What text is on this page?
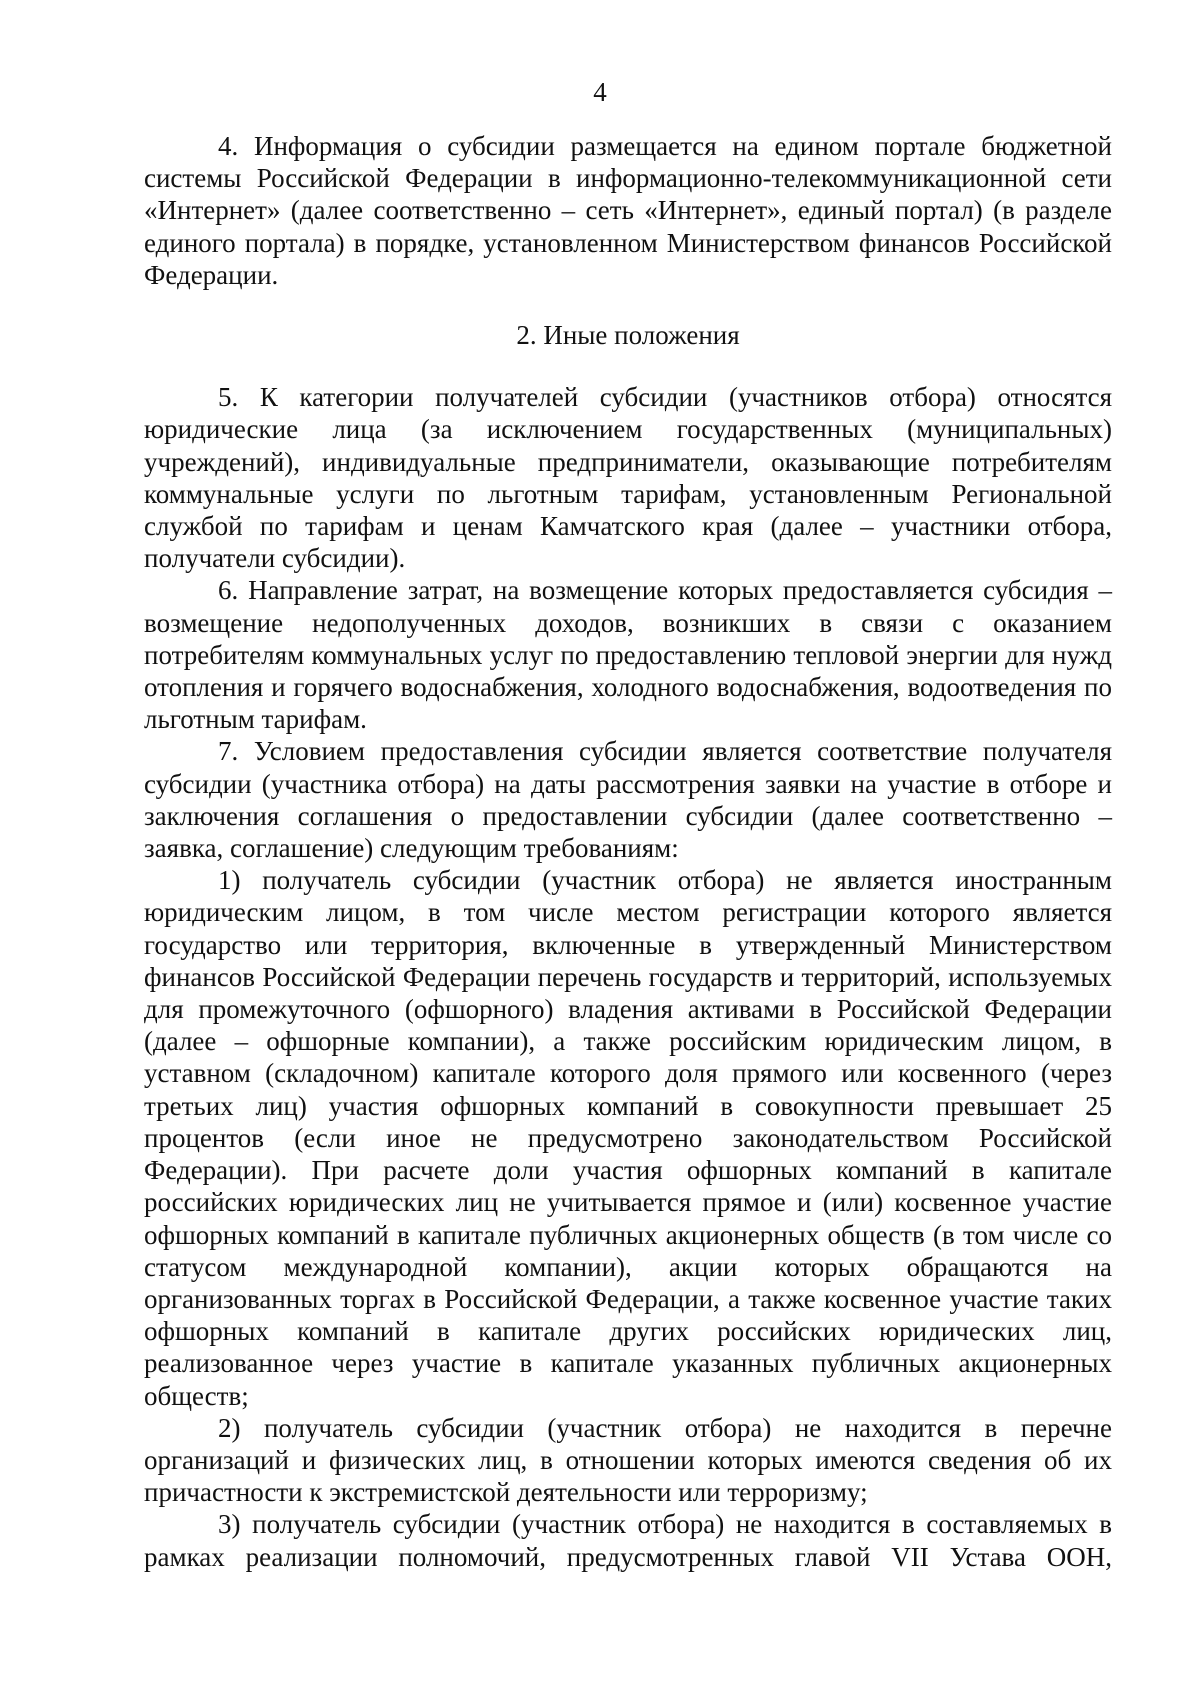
4

4. Информация о субсидии размещается на едином портале бюджетной системы Российской Федерации в информационно-телекоммуникационной сети «Интернет» (далее соответственно – сеть «Интернет», единый портал) (в разделе единого портала) в порядке, установленном Министерством финансов Российской Федерации.

2. Иные положения

5. К категории получателей субсидии (участников отбора) относятся юридические лица (за исключением государственных (муниципальных) учреждений), индивидуальные предприниматели, оказывающие потребителям коммунальные услуги по льготным тарифам, установленным Региональной службой по тарифам и ценам Камчатского края (далее – участники отбора, получатели субсидии).

6. Направление затрат, на возмещение которых предоставляется субсидия – возмещение недополученных доходов, возникших в связи с оказанием потребителям коммунальных услуг по предоставлению тепловой энергии для нужд отопления и горячего водоснабжения, холодного водоснабжения, водоотведения по льготным тарифам.

7. Условием предоставления субсидии является соответствие получателя субсидии (участника отбора) на даты рассмотрения заявки на участие в отборе и заключения соглашения о предоставлении субсидии (далее соответственно – заявка, соглашение) следующим требованиям:

1) получатель субсидии (участник отбора) не является иностранным юридическим лицом, в том числе местом регистрации которого является государство или территория, включенные в утвержденный Министерством финансов Российской Федерации перечень государств и территорий, используемых для промежуточного (офшорного) владения активами в Российской Федерации (далее – офшорные компании), а также российским юридическим лицом, в уставном (складочном) капитале которого доля прямого или косвенного (через третьих лиц) участия офшорных компаний в совокупности превышает 25 процентов (если иное не предусмотрено законодательством Российской Федерации). При расчете доли участия офшорных компаний в капитале российских юридических лиц не учитывается прямое и (или) косвенное участие офшорных компаний в капитале публичных акционерных обществ (в том числе со статусом международной компании), акции которых обращаются на организованных торгах в Российской Федерации, а также косвенное участие таких офшорных компаний в капитале других российских юридических лиц, реализованное через участие в капитале указанных публичных акционерных обществ;

2) получатель субсидии (участник отбора) не находится в перечне организаций и физических лиц, в отношении которых имеются сведения об их причастности к экстремистской деятельности или терроризму;

3) получатель субсидии (участник отбора) не находится в составляемых в рамках реализации полномочий, предусмотренных главой VII Устава ООН,
